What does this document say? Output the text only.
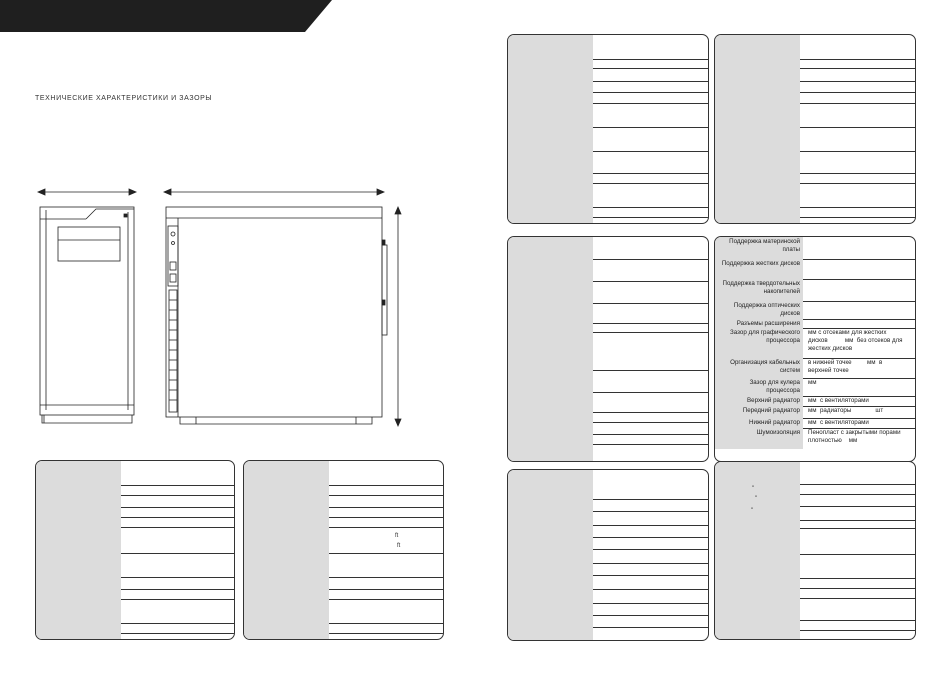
ТЕХНИЧЕСКИЕ ХАРАКТЕРИСТИКИ И ЗАЗОРЫ
ft
ft
Поддержка материнской
платы
Поддержка жестких дисков
Поддержка твердотельных
накопителей
Поддержка оптических
дисков
Разъемы расширения
Зазор для графического
процессора
мм с отсеками для жестких
дисков          мм  без отсеков для
жестких дисков
Организация кабельных
систем
в нижней точке         мм  в
верхней точке
Зазор для кулера
процессора
мм
Верхний радиатор мм  с вентиляторами
Передний радиатор мм  радиаторы              шт
Нижний радиатор мм  с вентиляторами
Шумоизоляция Пенопласт с закрытыми порами
плотностью    мм
"
"
"
